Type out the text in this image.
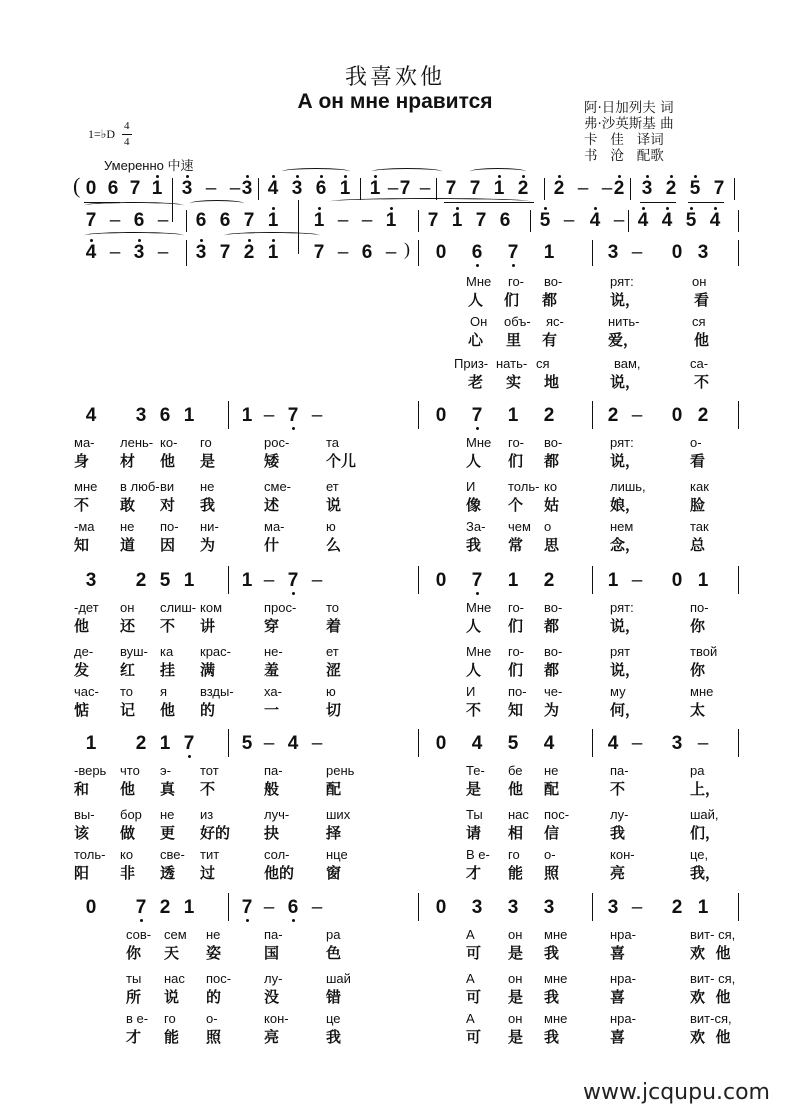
我喜欢他
А он мне нравится	阿·日加列夫 词
弗·沙英斯基 曲
卡   佳   译词
书   沧   配歌
1=♭D
4
4
Умеренно 中速
( 0 6 7 1 3 – – 3 4 3 6 1 1 – 7 – 7 7 1 2 2 – – 2 3 2 5 7
7 – 6 – 6 6 7 1 1 – – 1 7 1 7 6 5 – 4 – 4 4 5 4
4 – 3 – 3 7 2 1 7 – 6 – ) 0 6 7 1	3 – 0 3
Мне го- во-	рят:	он
人 们 都	说，	看
Он объ- яс-	нить-	ся
心 里 有	爱，	他
Приз- нать- ся	вам,	са-
老 实 地	说，	不
4 3 6 1 1 – 7 –	0 7 1 2	2 – 0 2
ма- лень- ко- го	рос-	та
身 材 他 是	矮	个儿
мне в люб- ви не	сме-	ет
不 敢 对 我	述	说
-ма не по- ни-	ма-	ю
知 道 因 为	什	么
Мне го- во-	рят:	о-
人 们 都	说，	看
И	толь- ко	лишь,	как
像 个 姑	娘，	脸
За- чем о	нем	так
我 常 思	念，	总
3 2 5 1 1 – 7 –	0 7 1 2	1 – 0 1
-дет он слиш- ком	прос- то
他 还 不 讲	穿	着
де- вуш- ка крас-	не-	ет
发 红 挂 满	羞	涩
час- то я	взды- ха-	ю
惦 记 他 的	一	切
Мне го- во-	рят:	по-
人 们 都	说，	你
Мне го- во-	рят	твой
人 们 都	说，	你
И	по- че-	му	мне
不 知 为	何，	太
1 2 1 7 5 – 4 –	0 4 5 4	4 – 3 –
-верь что э- тот	па-	рень
和 他 真 不	般	配
вы- бор не из	луч-	ших
该 做 更 好的 抉	择
толь- ко све- тит	сол-	нце
阳 非 透 过	他的 窗
Те- бе не	па-	ра
是 他 配	不	上，
Ты нас пос-	лу-	шай,
请 相 信	我	们，
В е- го о-	кон-	це,
才 能 照	亮	我，
0 7 2 1 7 – 6 –	0 3 3 3	3 – 2 1
сов- сем не	па-	ра
你 天 姿	国	色
ты нас пос-	лу-	шай
所 说 的	没	错
в е- го о-	кон-	це
才 能 照	亮	我
А	он мне	нра-	вит- ся,
可 是 我	喜	欢  他
А	он мне	нра-	вит- ся,
可 是 我	喜	欢  他
А	он мне	нра-	вит-ся,
可 是 我	喜	欢  他
www.jcqupu.com
